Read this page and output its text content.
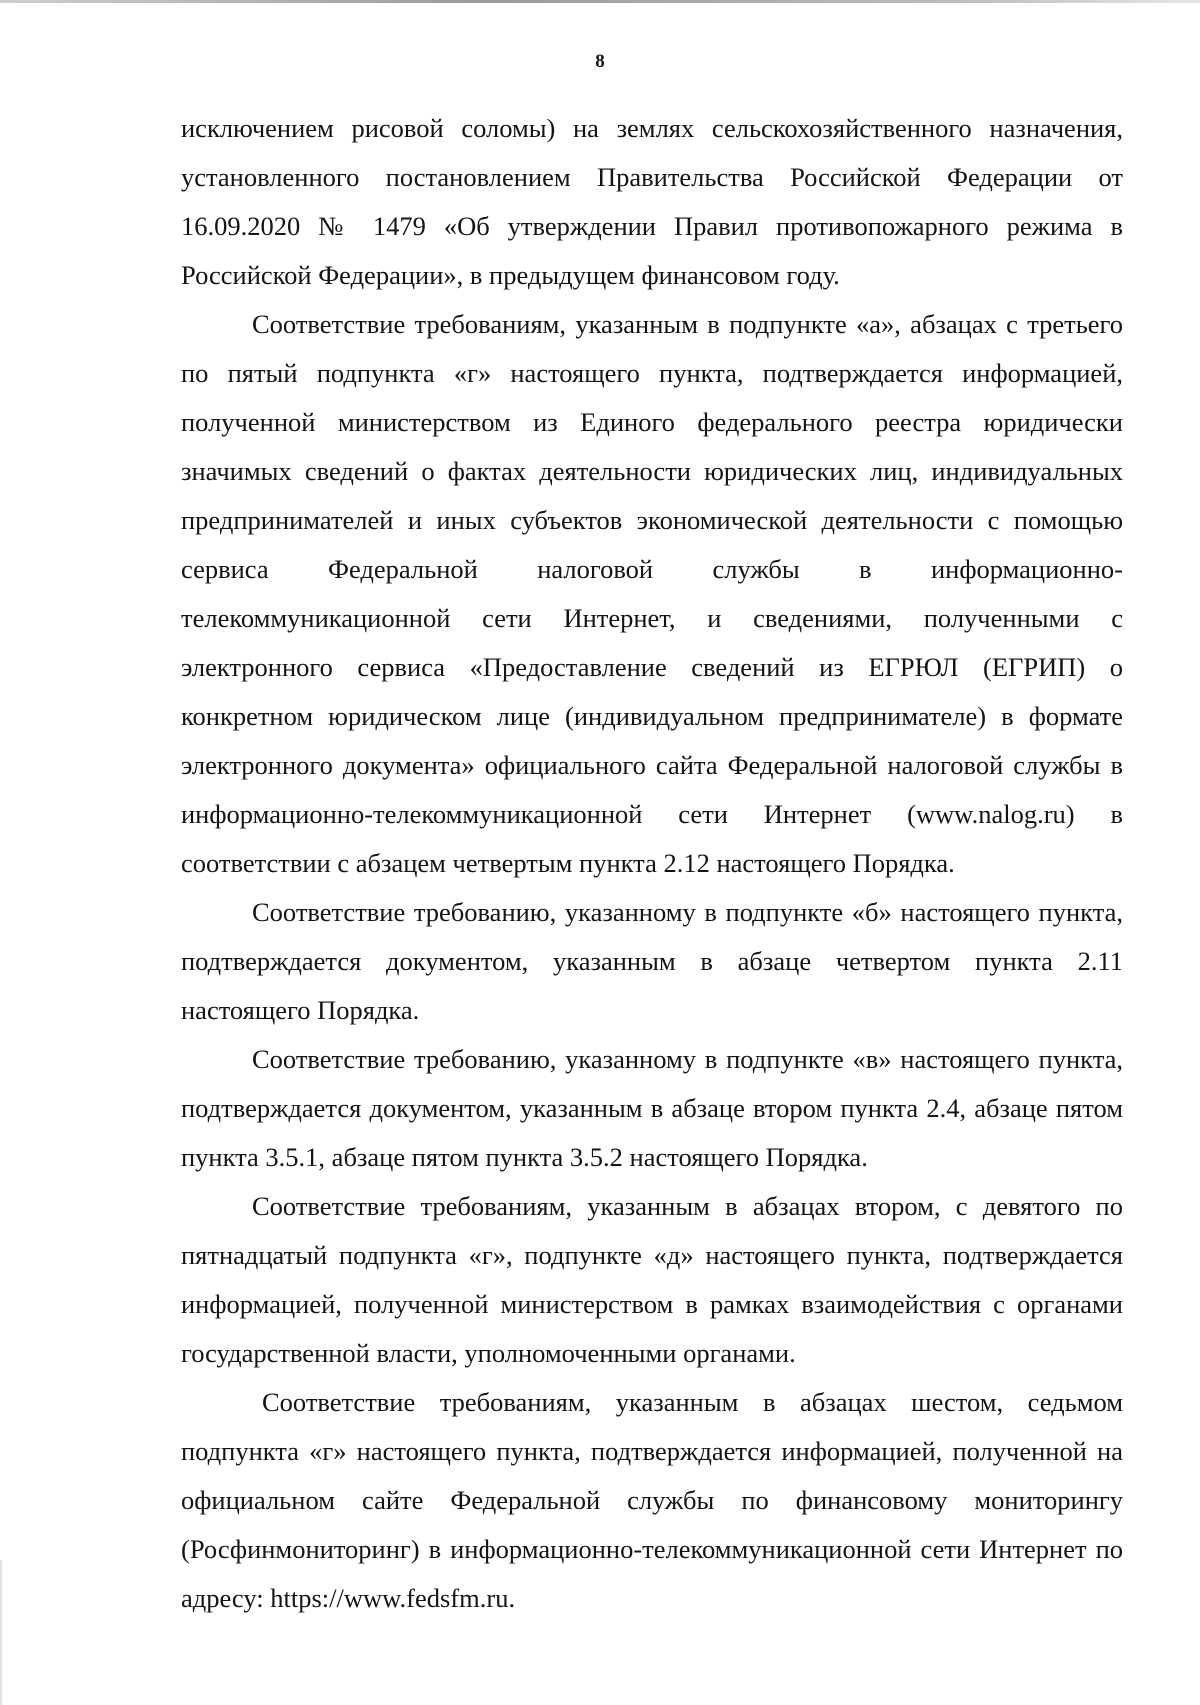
8

исключением рисовой соломы) на землях сельскохозяйственного назначения, установленного постановлением Правительства Российской Федерации от 16.09.2020 № 1479 «Об утверждении Правил противопожарного режима в Российской Федерации», в предыдущем финансовом году.

Соответствие требованиям, указанным в подпункте «а», абзацах с третьего по пятый подпункта «г» настоящего пункта, подтверждается информацией, полученной министерством из Единого федерального реестра юридически значимых сведений о фактах деятельности юридических лиц, индивидуальных предпринимателей и иных субъектов экономической деятельности с помощью сервиса Федеральной налоговой службы в информационно-телекоммуникационной сети Интернет, и сведениями, полученными с электронного сервиса «Предоставление сведений из ЕГРЮЛ (ЕГРИП) о конкретном юридическом лице (индивидуальном предпринимателе) в формате электронного документа» официального сайта Федеральной налоговой службы в информационно-телекоммуникационной сети Интернет (www.nalog.ru) в соответствии с абзацем четвертым пункта 2.12 настоящего Порядка.

Соответствие требованию, указанному в подпункте «б» настоящего пункта, подтверждается документом, указанным в абзаце четвертом пункта 2.11 настоящего Порядка.

Соответствие требованию, указанному в подпункте «в» настоящего пункта, подтверждается документом, указанным в абзаце втором пункта 2.4, абзаце пятом пункта 3.5.1, абзаце пятом пункта 3.5.2 настоящего Порядка.

Соответствие требованиям, указанным в абзацах втором, с девятого по пятнадцатый подпункта «г», подпункте «д» настоящего пункта, подтверждается информацией, полученной министерством в рамках взаимодействия с органами государственной власти, уполномоченными органами.

Соответствие требованиям, указанным в абзацах шестом, седьмом подпункта «г» настоящего пункта, подтверждается информацией, полученной на официальном сайте Федеральной службы по финансовому мониторингу (Росфинмониторинг) в информационно-телекоммуникационной сети Интернет по адресу: https://www.fedsfm.ru.
